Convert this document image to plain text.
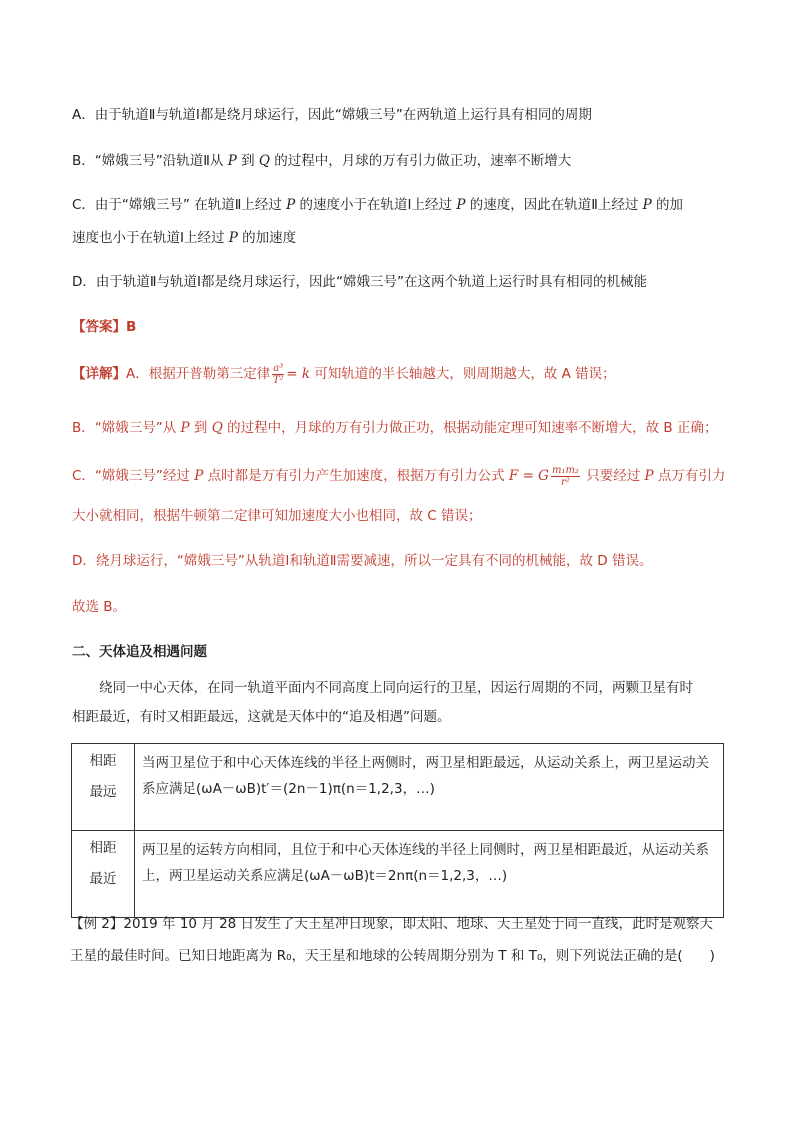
A．由于轨道Ⅱ与轨道Ⅰ都是绕月球运行，因此“嫦娥三号”在两轨道上运行具有相同的周期
B．“嫦娥三号”沿轨道Ⅱ从 P 到 Q 的过程中，月球的万有引力做正功，速率不断增大
C．由于“嫦娥三号” 在轨道Ⅱ上经过 P 的速度小于在轨道Ⅰ上经过 P 的速度，因此在轨道Ⅱ上经过 P 的加
速度也小于在轨道Ⅰ上经过 P 的加速度
D．由于轨道Ⅱ与轨道Ⅰ都是绕月球运行，因此“嫦娥三号”在这两个轨道上运行时具有相同的机械能
【答案】B
【详解】A．根据开普勒第三定律 $\frac{\text{a³}}{\text{T²}} = k$ 可知轨道的半长轴越大，则周期越大，故 A 错误；
B．“嫦娥三号”从 P 到 Q 的过程中，月球的万有引力做正功，根据动能定理可知速率不断增大，故 B 正确；
C．“嫦娥三号”经过 P 点时都是万有引力产生加速度，根据万有引力公式 F = G $\frac{\text{m₁m₂}}{\text{r²}}$ 只要经过 P 点万有引力
大小就相同，根据牛顿第二定律可知加速度大小也相同，故 C 错误；
D．绕月球运行，“嫦娥三号”从轨道Ⅰ和轨道Ⅱ需要减速，所以一定具有不同的机械能，故 D 错误。
故选 B。
二、天体追及相遇问题
绕同一中心天体，在同一轨道平面内不同高度上同向运行的卫星，因运行周期的不同，两颗卫星有时
相距最近，有时又相距最远，这就是天体中的“追及相遇”问题。
相距
最远	当两卫星位于和中心天体连线的半径上两侧时，两卫星相距最远，从运动关系上，两卫星运动关系应满足(ωA－ωB)t′＝(2n－1)π(n＝1,2,3，…)

相距
最近	两卫星的运转方向相同，且位于和中心天体连线的半径上同侧时，两卫星相距最近，从运动关系上，两卫星运动关系应满足(ωA－ωB)t＝2nπ(n＝1,2,3，…)
【例 2】2019 年 10 月 28 日发生了天王星冲日现象，即太阳、地球、天王星处于同一直线，此时是观察天
王星的最佳时间。已知日地距离为 R₀，天王星和地球的公转周期分别为 T 和 T₀，则下列说法正确的是(　　)
